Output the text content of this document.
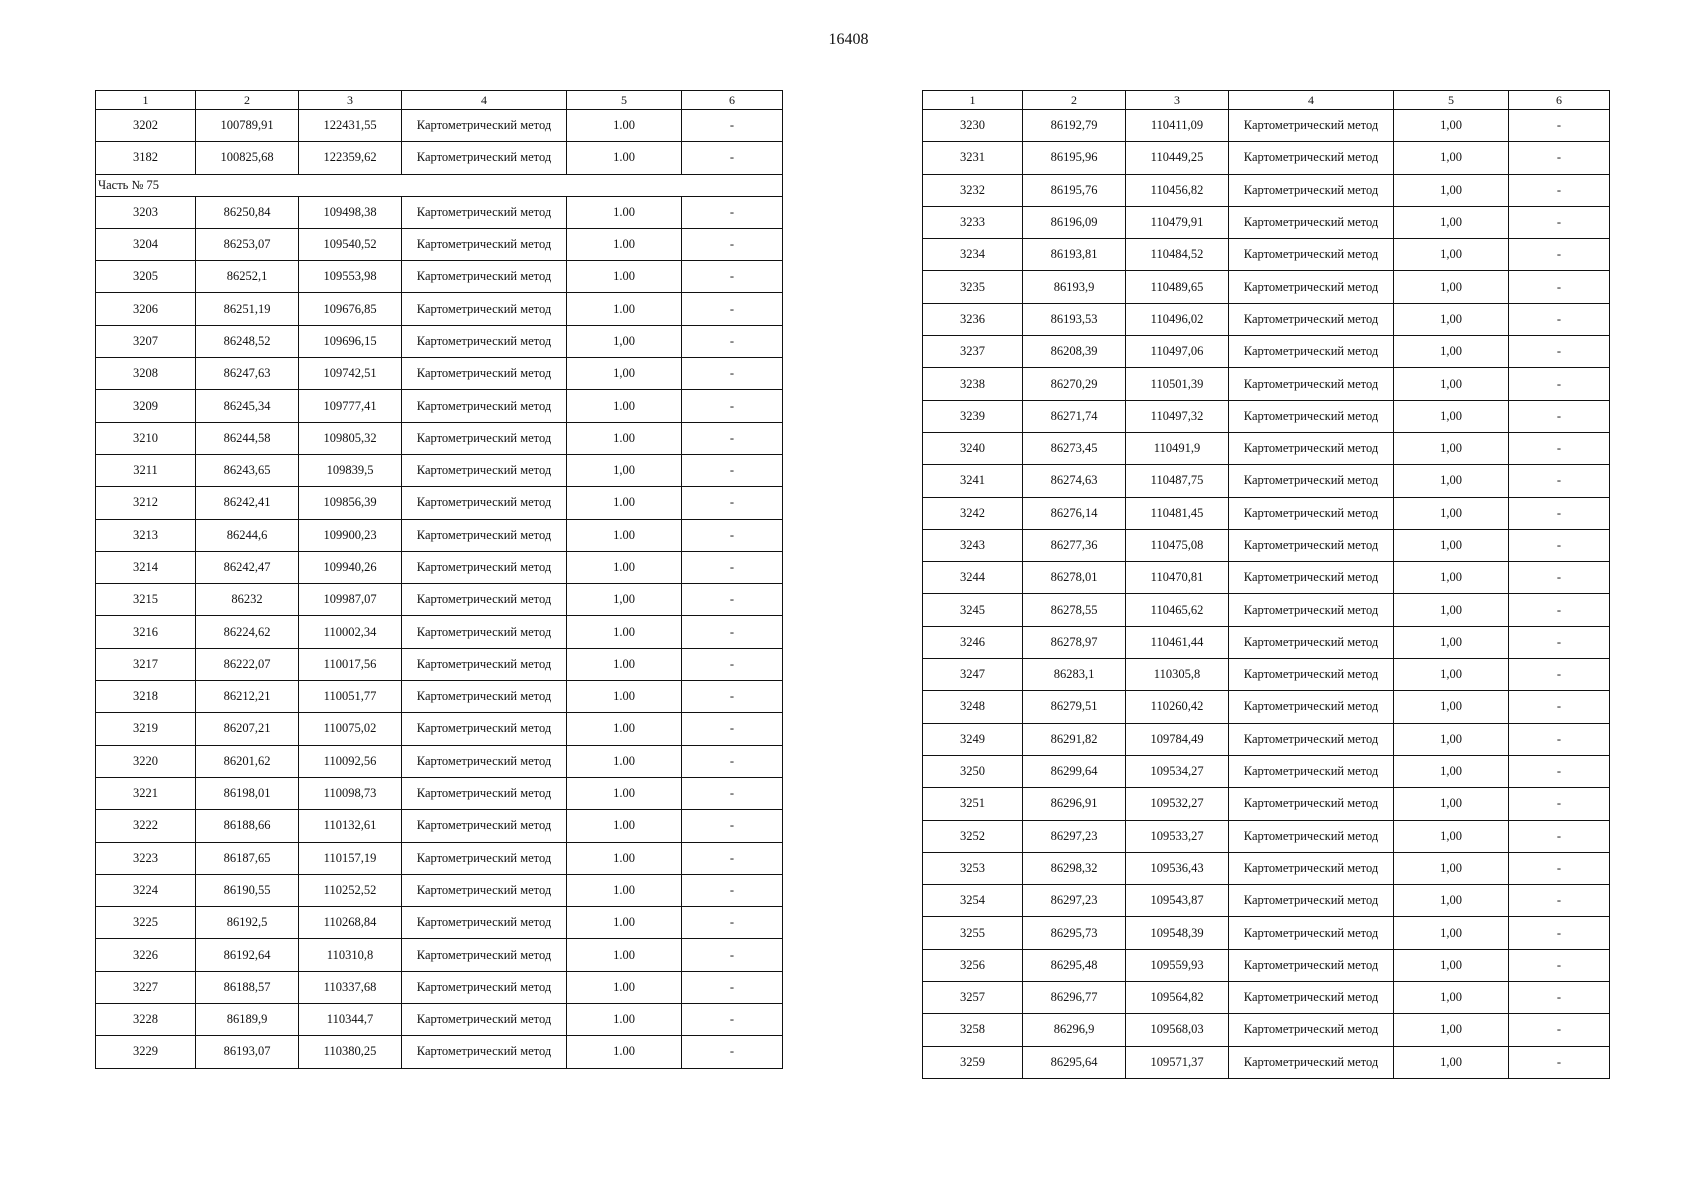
16408
1	2	3	4	5	6
3202	100789,91	122431,55	Картометрический метод	1.00	-
3182	100825,68	122359,62	Картометрический метод	1.00	-
Часть № 75					
3203	86250,84	109498,38	Картометрический метод	1.00	-
3204	86253,07	109540,52	Картометрический метод	1.00	-
3205	86252,1	109553,98	Картометрический метод	1.00	-
3206	86251,19	109676,85	Картометрический метод	1.00	-
3207	86248,52	109696,15	Картометрический метод	1,00	-
3208	86247,63	109742,51	Картометрический метод	1,00	-
3209	86245,34	109777,41	Картометрический метод	1.00	-
3210	86244,58	109805,32	Картометрический метод	1.00	-
3211	86243,65	109839,5	Картометрический метод	1,00	-
3212	86242,41	109856,39	Картометрический метод	1.00	-
3213	86244,6	109900,23	Картометрический метод	1.00	-
3214	86242,47	109940,26	Картометрический метод	1.00	-
3215	86232	109987,07	Картометрический метод	1,00	-
3216	86224,62	110002,34	Картометрический метод	1.00	-
3217	86222,07	110017,56	Картометрический метод	1.00	-
3218	86212,21	110051,77	Картометрический метод	1.00	-
3219	86207,21	110075,02	Картометрический метод	1.00	-
3220	86201,62	110092,56	Картометрический метод	1.00	-
3221	86198,01	110098,73	Картометрический метод	1.00	-
3222	86188,66	110132,61	Картометрический метод	1.00	-
3223	86187,65	110157,19	Картометрический метод	1.00	-
3224	86190,55	110252,52	Картометрический метод	1.00	-
3225	86192,5	110268,84	Картометрический метод	1.00	-
3226	86192,64	110310,8	Картометрический метод	1.00	-
3227	86188,57	110337,68	Картометрический метод	1.00	-
3228	86189,9	110344,7	Картометрический метод	1.00	-
3229	86193,07	110380,25	Картометрический метод	1.00	-
1	2	3	4	5	6
3230	86192,79	110411,09	Картометрический метод	1,00	-
3231	86195,96	110449,25	Картометрический метод	1,00	-
3232	86195,76	110456,82	Картометрический метод	1,00	-
3233	86196,09	110479,91	Картометрический метод	1,00	-
3234	86193,81	110484,52	Картометрический метод	1,00	-
3235	86193,9	110489,65	Картометрический метод	1,00	-
3236	86193,53	110496,02	Картометрический метод	1,00	-
3237	86208,39	110497,06	Картометрический метод	1,00	-
3238	86270,29	110501,39	Картометрический метод	1,00	-
3239	86271,74	110497,32	Картометрический метод	1,00	-
3240	86273,45	110491,9	Картометрический метод	1,00	-
3241	86274,63	110487,75	Картометрический метод	1,00	-
3242	86276,14	110481,45	Картометрический метод	1,00	-
3243	86277,36	110475,08	Картометрический метод	1,00	-
3244	86278,01	110470,81	Картометрический метод	1,00	-
3245	86278,55	110465,62	Картометрический метод	1,00	-
3246	86278,97	110461,44	Картометрический метод	1,00	-
3247	86283,1	110305,8	Картометрический метод	1,00	-
3248	86279,51	110260,42	Картометрический метод	1,00	-
3249	86291,82	109784,49	Картометрический метод	1,00	-
3250	86299,64	109534,27	Картометрический метод	1,00	-
3251	86296,91	109532,27	Картометрический метод	1,00	-
3252	86297,23	109533,27	Картометрический метод	1,00	-
3253	86298,32	109536,43	Картометрический метод	1,00	-
3254	86297,23	109543,87	Картометрический метод	1,00	-
3255	86295,73	109548,39	Картометрический метод	1,00	-
3256	86295,48	109559,93	Картометрический метод	1,00	-
3257	86296,77	109564,82	Картометрический метод	1,00	-
3258	86296,9	109568,03	Картометрический метод	1,00	-
3259	86295,64	109571,37	Картометрический метод	1,00	-
